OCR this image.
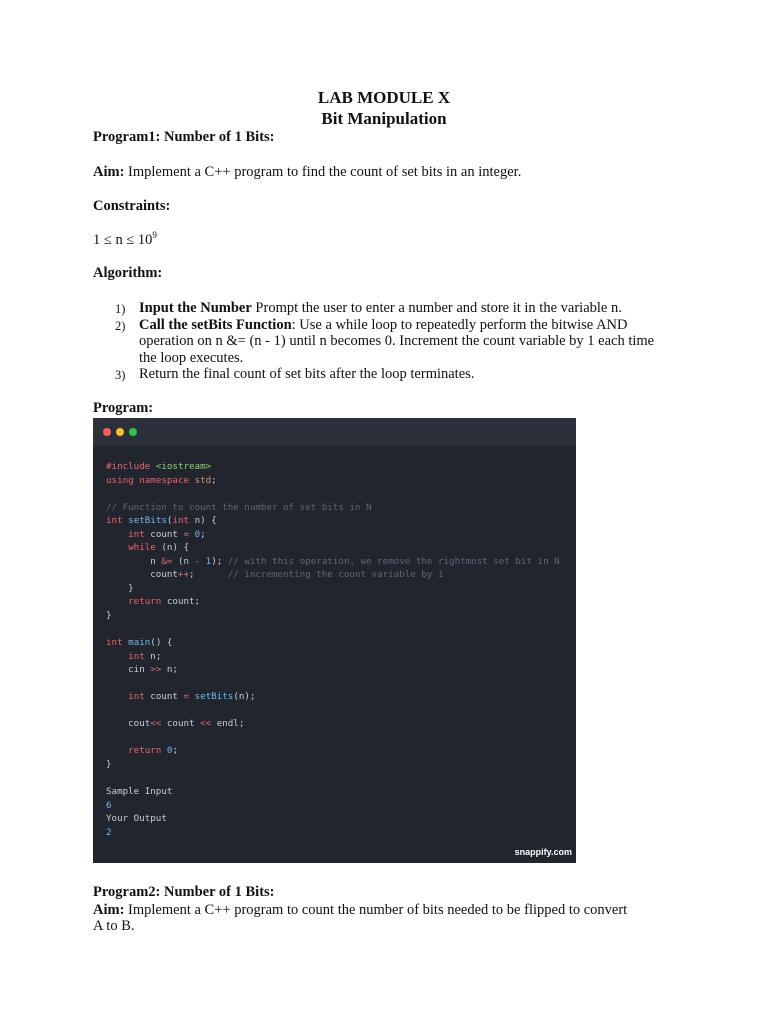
LAB MODULE X
Bit Manipulation
Program1: Number of 1 Bits:
Aim: Implement a C++ program to find the count of set bits in an integer.
Constraints:
$1 \le n \le 10^9$
Algorithm:
1) Input the Number Prompt the user to enter a number and store it in the variable n.
2) Call the setBits Function: Use a while loop to repeatedly perform the bitwise AND operation on n &= (n - 1) until n becomes 0. Increment the count variable by 1 each time the loop executes.
3) Return the final count of set bits after the loop terminates.
Program:
#include <iostream>
using namespace std;

// Function to count the number of set bits in N
int setBits(int n) {
int count = 0;
while (n) {
n &= (n - 1); // with this operation, we remove the rightmost set bit in N
count++;      // incrementing the count variable by 1
}
return count;
}

int main() {
int n;
cin >> n;

int count = setBits(n);

cout<< count << endl;

return 0;
}

Sample Input
6
Your Output
2
snappify.com
Program2: Number of 1 Bits:
Aim: Implement a C++ program to count the number of bits needed to be flipped to convert
A to B.
